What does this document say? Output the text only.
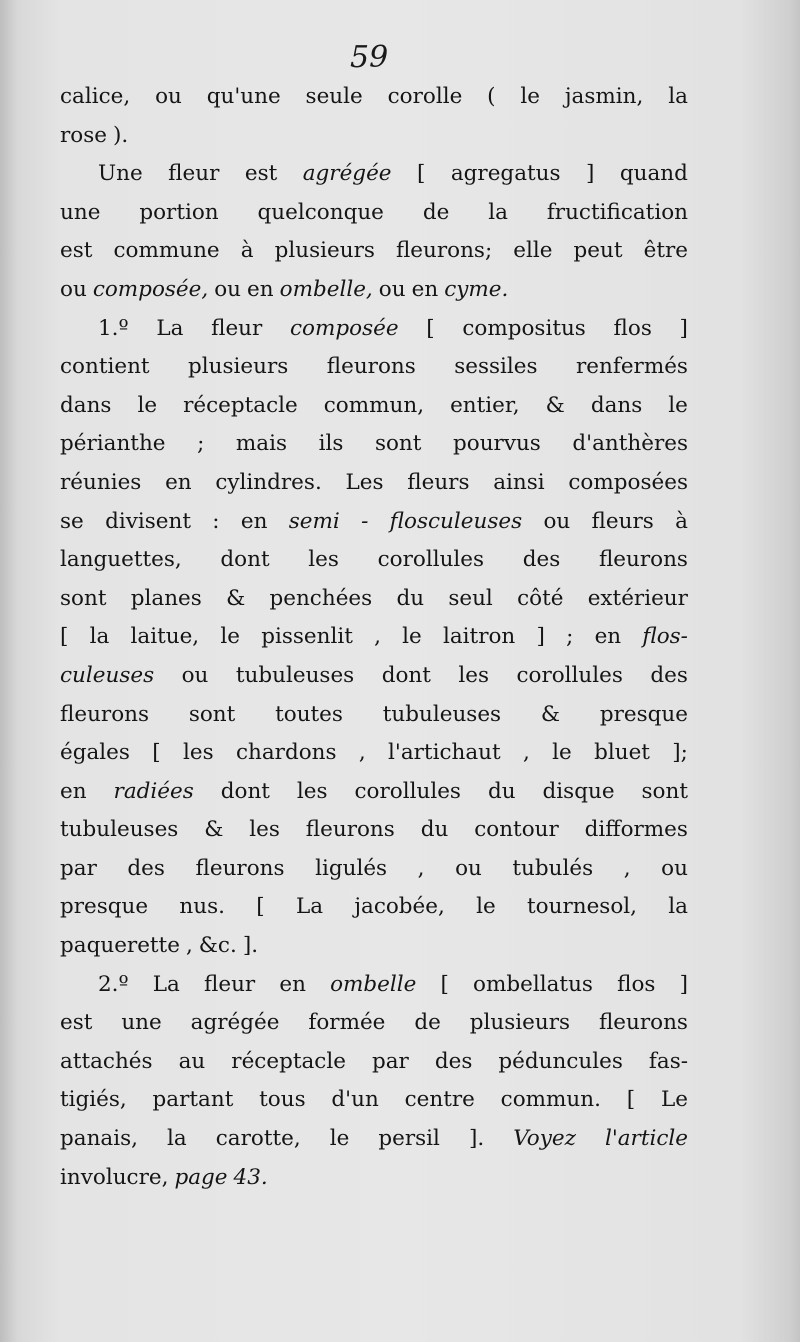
59
calice, ou qu'une seule corolle ( le jasmin, la
rose ).
Une fleur est agrégée [ agregatus ] quand
une portion quelconque de la fructification
est commune à plusieurs fleurons; elle peut être
ou composée, ou en ombelle, ou en cyme.
1.º La fleur composée [ compositus flos ]
contient plusieurs fleurons sessiles renfermés
dans le réceptacle commun, entier, & dans le
périanthe ; mais ils sont pourvus d'anthères
réunies en cylindres. Les fleurs ainsi composées
se divisent : en semi - flosculeuses ou fleurs à
languettes, dont les corollules des fleurons
sont planes & penchées du seul côté extérieur
[ la laitue, le pissenlit , le laitron ] ; en flos-
culeuses ou tubuleuses dont les corollules des
fleurons sont toutes tubuleuses & presque
égales [ les chardons , l'artichaut , le bluet ];
en radiées dont les corollules du disque sont
tubuleuses & les fleurons du contour difformes
par des fleurons ligulés , ou tubulés , ou
presque nus. [ La jacobée, le tournesol, la
paquerette , &c. ].
2.º La fleur en ombelle [ ombellatus flos ]
est une agrégée formée de plusieurs fleurons
attachés au réceptacle par des péduncules fas-
tigiés, partant tous d'un centre commun. [ Le
panais, la carotte, le persil ]. Voyez l'article
involucre, page 43.
